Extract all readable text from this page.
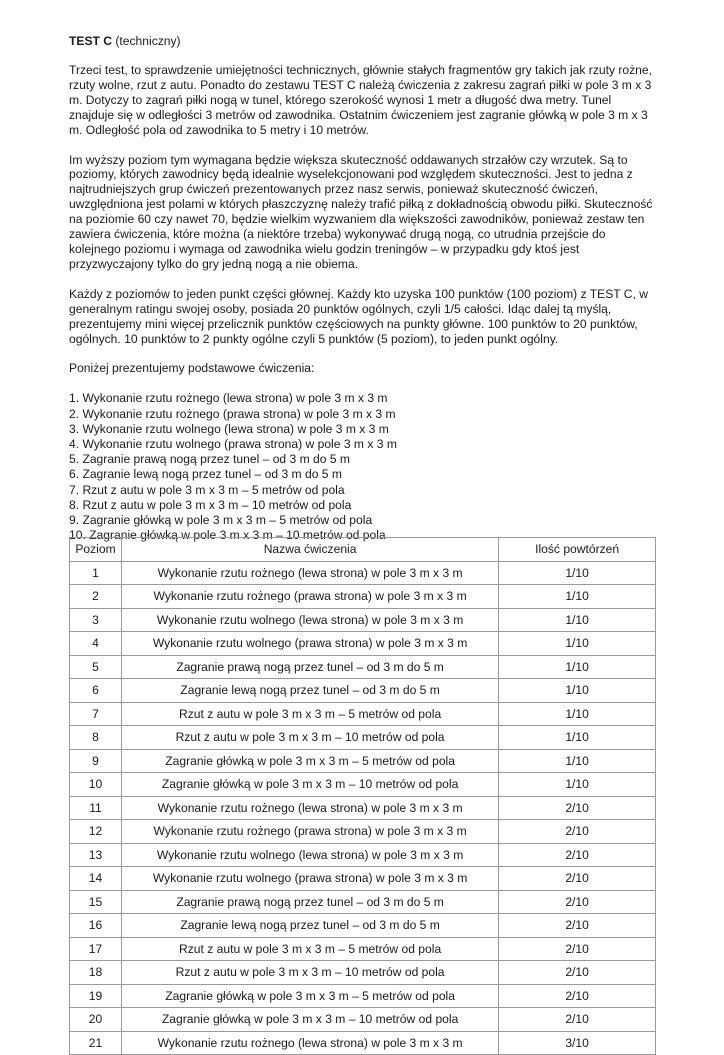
TEST C (techniczny)

Trzeci test, to sprawdzenie umiejętności technicznych, głównie stałych fragmentów gry takich jak rzuty rożne, rzuty wolne, rzut z autu. Ponadto do zestawu TEST C należą ćwiczenia z zakresu zagrań piłki w pole 3 m x 3 m. Dotyczy to zagrań piłki nogą w tunel, którego szerokość wynosi 1 metr a długość dwa metry. Tunel znajduje się w odległości 3 metrów od zawodnika. Ostatnim ćwiczeniem jest zagranie główką w pole 3 m x 3 m. Odległość pola od zawodnika to 5 metry i 10 metrów.

Im wyższy poziom tym wymagana będzie większa skuteczność oddawanych strzałów czy wrzutek. Są to poziomy, których zawodnicy będą idealnie wyselekcjonowani pod względem skuteczności. Jest to jedna z najtrudniejszych grup ćwiczeń prezentowanych przez nasz serwis, ponieważ skuteczność ćwiczeń, uwzględniona jest polami w których płaszczyznę należy trafić piłką z dokładnością obwodu piłki. Skuteczność na poziomie 60 czy nawet 70, będzie wielkim wyzwaniem dla większości zawodników, ponieważ zestaw ten zawiera ćwiczenia, które można (a niektóre trzeba) wykonywać drugą nogą, co utrudnia przejście do kolejnego poziomu i wymaga od zawodnika wielu godzin treningów – w przypadku gdy ktoś jest przyzwyczajony tylko do gry jedną nogą a nie obiema.

Każdy z poziomów to jeden punkt części głównej. Każdy kto uzyska 100 punktów (100 poziom) z TEST C, w generalnym ratingu swojej osoby, posiada 20 punktów ogólnych, czyli 1/5 całości. Idąc dalej tą myślą, prezentujemy mini więcej przelicznik punktów częściowych na punkty główne. 100 punktów to 20 punktów, ogólnych. 10 punktów to 2 punkty ogólne czyli 5 punktów (5 poziom), to jeden punkt ogólny.

Poniżej prezentujemy podstawowe ćwiczenia:

1. Wykonanie rzutu rożnego (lewa strona) w pole 3 m x 3 m
2. Wykonanie rzutu rożnego (prawa strona) w pole 3 m x 3 m
3. Wykonanie rzutu wolnego (lewa strona) w pole 3 m x 3 m
4. Wykonanie rzutu wolnego (prawa strona) w pole 3 m x 3 m
5. Zagranie prawą nogą przez tunel – od 3 m do 5 m
6. Zagranie lewą nogą przez tunel – od 3 m do 5 m
7. Rzut z autu w pole 3 m x 3 m – 5 metrów od pola
8. Rzut z autu w pole 3 m x 3 m – 10 metrów od pola
9. Zagranie główką w pole 3 m x 3 m – 5 metrów od pola
10. Zagranie główką w pole 3 m x 3 m – 10 metrów od pola
Poziom	Nazwa ćwiczenia	Ilość powtórzeń
1	Wykonanie rzutu rożnego (lewa strona) w pole 3 m x 3 m	1/10
2	Wykonanie rzutu rożnego (prawa strona) w pole 3 m x 3 m	1/10
3	Wykonanie rzutu wolnego (lewa strona) w pole 3 m x 3 m	1/10
4	Wykonanie rzutu wolnego (prawa strona) w pole 3 m x 3 m	1/10
5	Zagranie prawą nogą przez tunel – od 3 m do 5 m	1/10
6	Zagranie lewą nogą przez tunel – od 3 m do 5 m	1/10
7	Rzut z autu w pole 3 m x 3 m – 5 metrów od pola	1/10
8	Rzut z autu w pole 3 m x 3 m – 10 metrów od pola	1/10
9	Zagranie główką w pole 3 m x 3 m – 5 metrów od pola	1/10
10	Zagranie główką w pole 3 m x 3 m – 10 metrów od pola	1/10
11	Wykonanie rzutu rożnego (lewa strona) w pole 3 m x 3 m	2/10
12	Wykonanie rzutu rożnego (prawa strona) w pole 3 m x 3 m	2/10
13	Wykonanie rzutu wolnego (lewa strona) w pole 3 m x 3 m	2/10
14	Wykonanie rzutu wolnego (prawa strona) w pole 3 m x 3 m	2/10
15	Zagranie prawą nogą przez tunel – od 3 m do 5 m	2/10
16	Zagranie lewą nogą przez tunel – od 3 m do 5 m	2/10
17	Rzut z autu w pole 3 m x 3 m – 5 metrów od pola	2/10
18	Rzut z autu w pole 3 m x 3 m – 10 metrów od pola	2/10
19	Zagranie główką w pole 3 m x 3 m – 5 metrów od pola	2/10
20	Zagranie główką w pole 3 m x 3 m – 10 metrów od pola	2/10
21	Wykonanie rzutu rożnego (lewa strona) w pole 3 m x 3 m	3/10
